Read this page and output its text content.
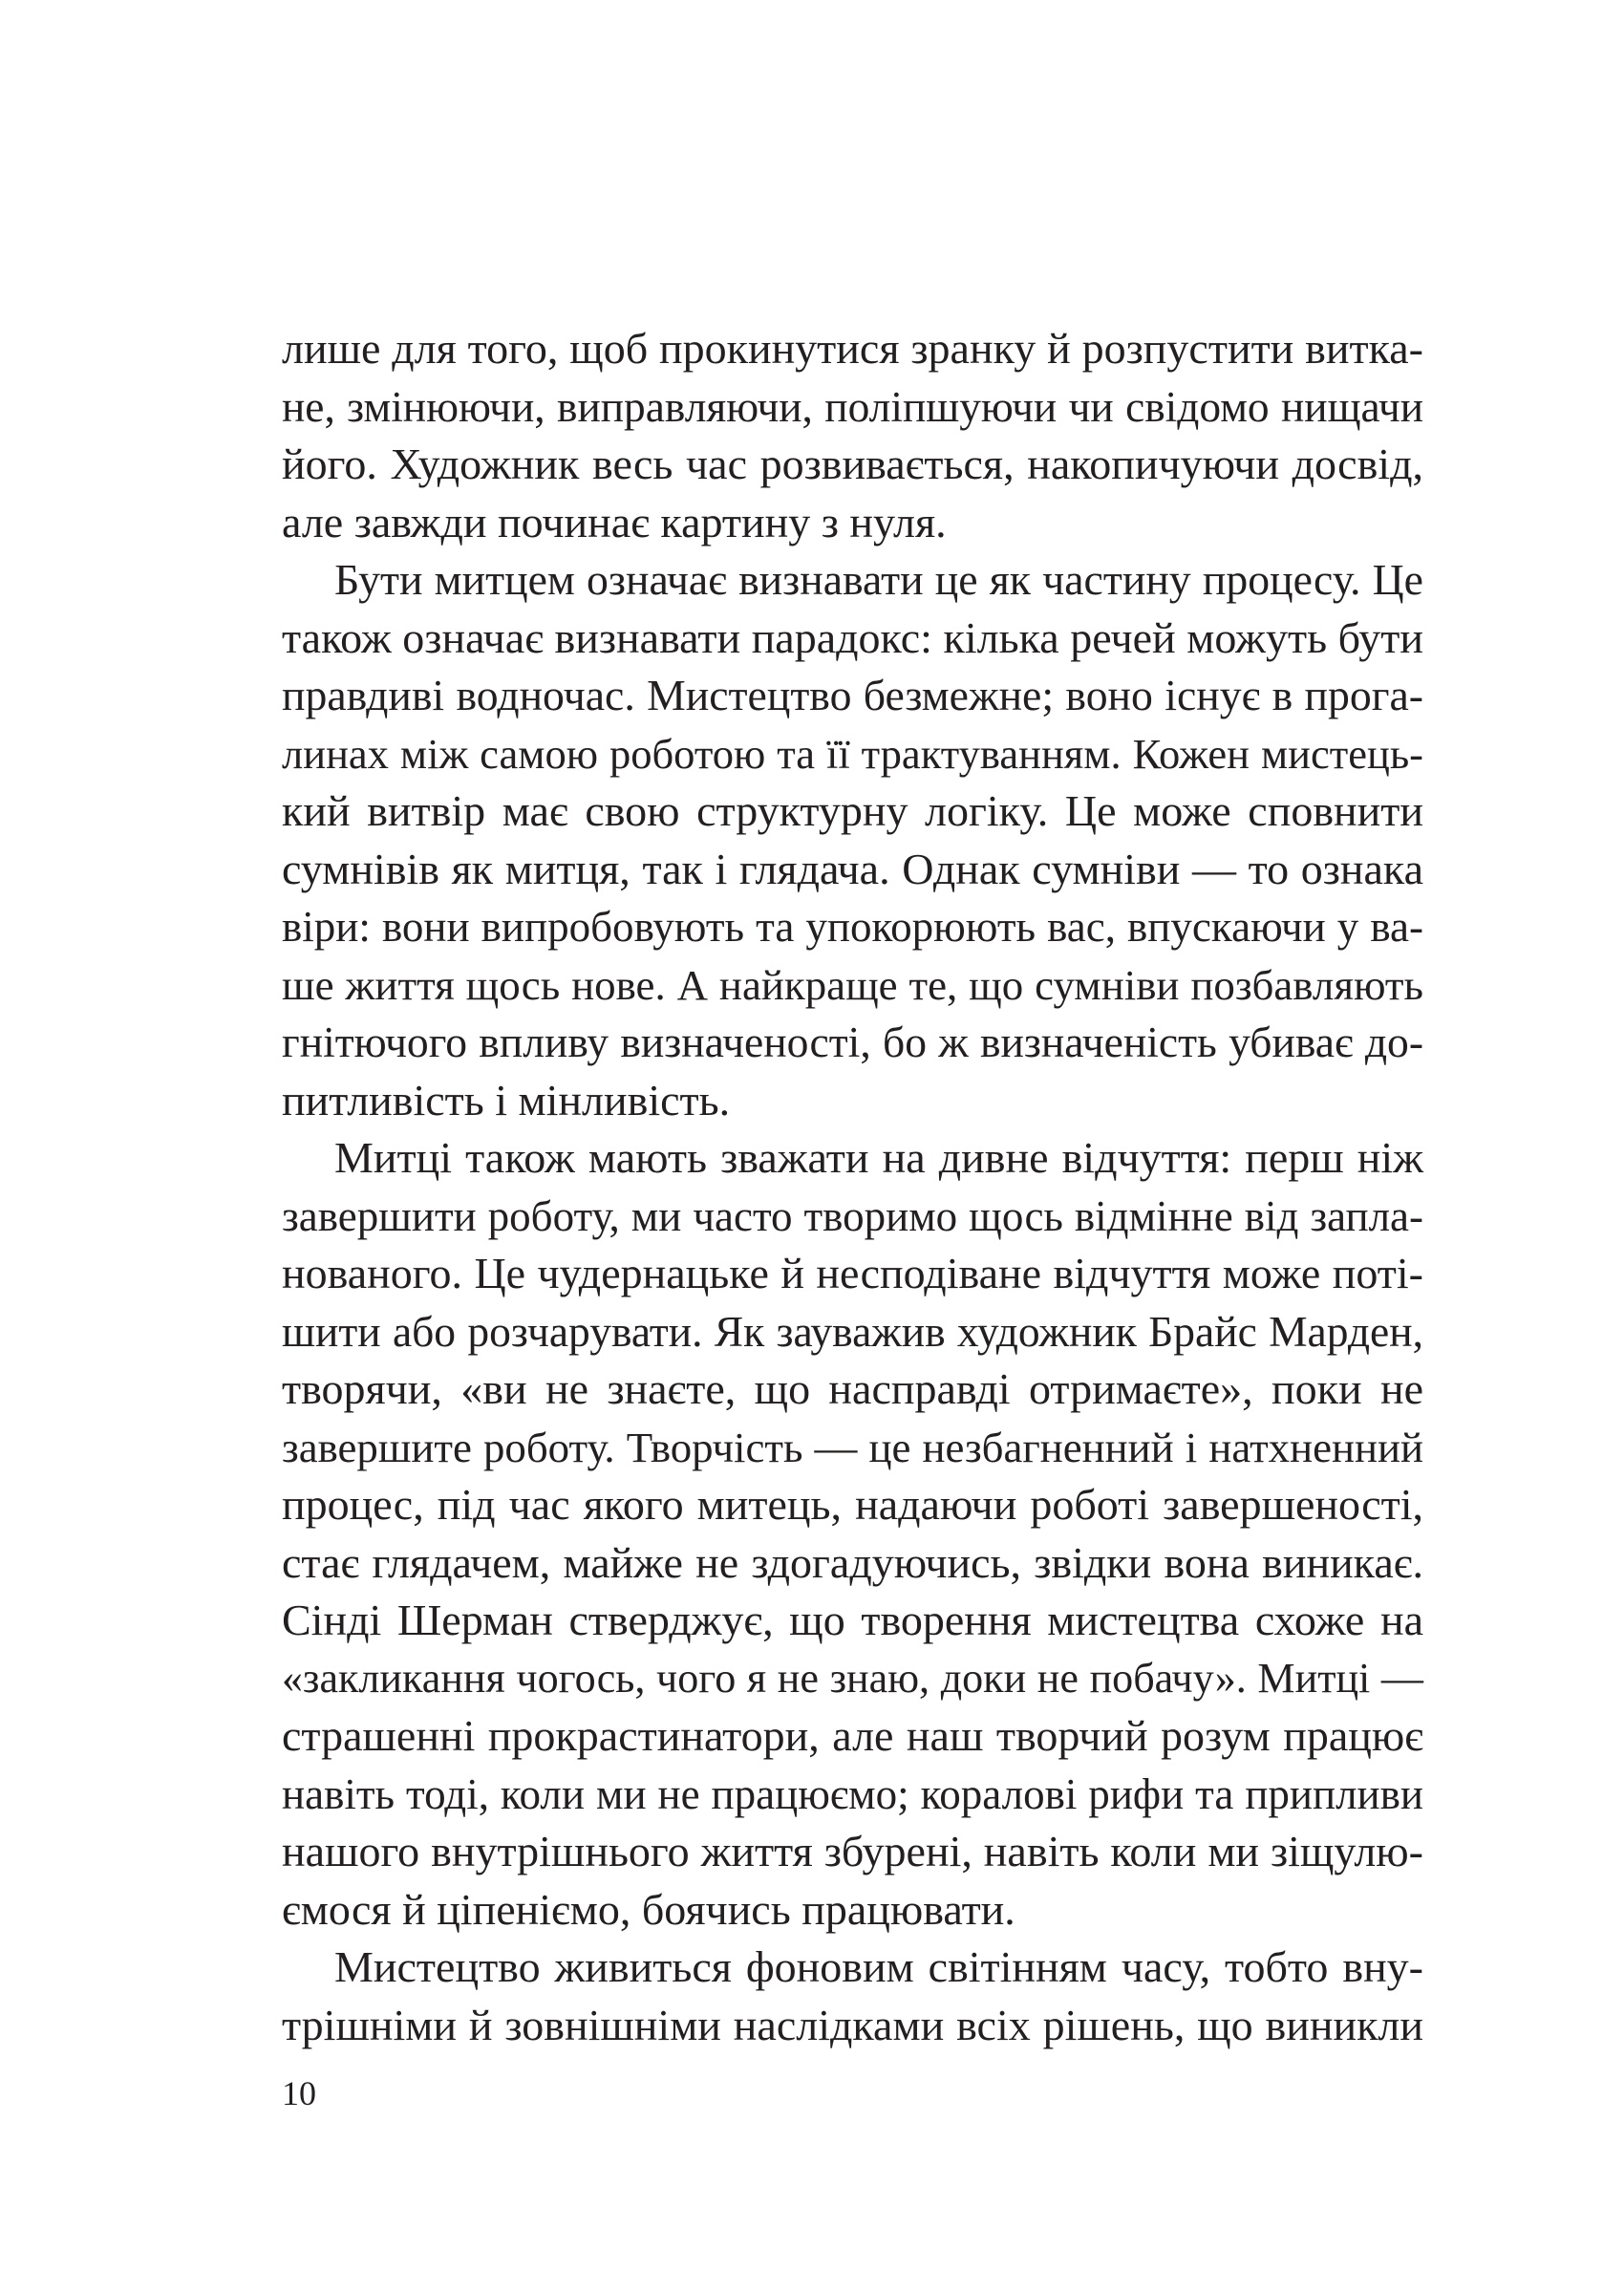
лише для того, щоб прокинутися зранку й розпустити витка-
не, змінюючи, виправляючи, поліпшуючи чи свідомо нищачи
його. Художник весь час розвивається, накопичуючи досвід,
але завжди починає картину з нуля.
Бути митцем означає визнавати це як частину процесу. Це
також означає визнавати парадокс: кілька речей можуть бути
правдиві водночас. Мистецтво безмежне; воно існує в прога-
линах між самою роботою та її трактуванням. Кожен мистець-
кий витвір має свою структурну логіку. Це може сповнити
сумнівів як митця, так і глядача. Однак сумніви — то ознака
віри: вони випробовують та упокорюють вас, впускаючи у ва-
ше життя щось нове. А найкраще те, що сумніви позбавляють
гнітючого впливу визначеності, бо ж визначеність убиває до-
питливість і мінливість.
Митці також мають зважати на дивне відчуття: перш ніж
завершити роботу, ми часто творимо щось відмінне від запла-
нованого. Це чудернацьке й несподіване відчуття може поті-
шити або розчарувати. Як зауважив художник Брайс Марден,
творячи, «ви не знаєте, що насправді отримаєте», поки не
завершите роботу. Творчість — це незбагненний і натхненний
процес, під час якого митець, надаючи роботі завершеності,
стає глядачем, майже не здогадуючись, звідки вона виникає.
Сінді Шерман стверджує, що творення мистецтва схоже на
«закликання чогось, чого я не знаю, доки не побачу». Митці —
страшенні прокрастинатори, але наш творчий розум працює
навіть тоді, коли ми не працюємо; коралові рифи та припливи
нашого внутрішнього життя збурені, навіть коли ми зіщулю-
ємося й ціпеніємо, боячись працювати.
Мистецтво живиться фоновим світінням часу, тобто вну-
трішніми й зовнішніми наслідками всіх рішень, що виникли
10
